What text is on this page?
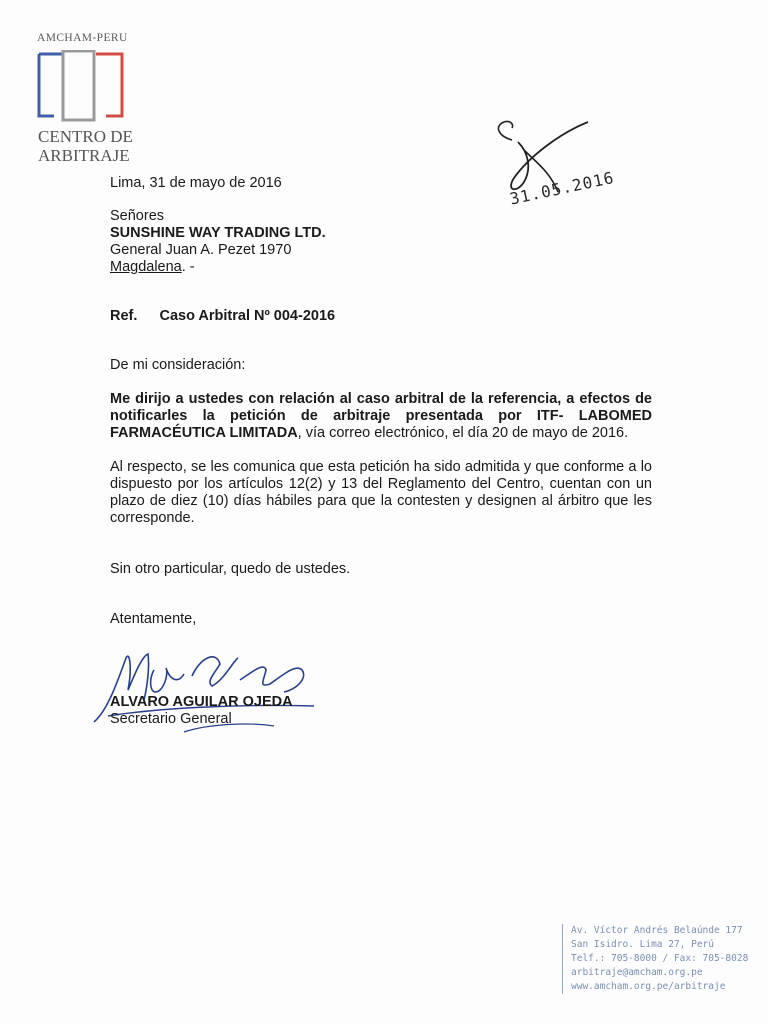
AMCHAM-PERU
CENTRO DE
ARBITRAJE
31.05.2016
Lima, 31 de mayo de 2016
Señores
SUNSHINE WAY TRADING LTD.
General Juan A. Pezet 1970
Magdalena. -
Ref. Caso Arbitral Nº 004-2016
De mi consideración:
Me dirijo a ustedes con relación al caso arbitral de la referencia, a efectos de notificarles la petición de arbitraje presentada por ITF- LABOMED FARMACÉUTICA LIMITADA, vía correo electrónico, el día 20 de mayo de 2016.
Al respecto, se les comunica que esta petición ha sido admitida y que conforme a lo dispuesto por los artículos 12(2) y 13 del Reglamento del Centro, cuentan con un plazo de diez (10) días hábiles para que la contesten y designen al árbitro que les corresponde.
Sin otro particular, quedo de ustedes.
Atentamente,
ALVARO AGUILAR OJEDA
Secretario General
Av. Víctor Andrés Belaúnde 177
San Isidro. Lima 27, Perú
Telf.: 705-8000 / Fax: 705-8028
arbitraje@amcham.org.pe
www.amcham.org.pe/arbitraje
